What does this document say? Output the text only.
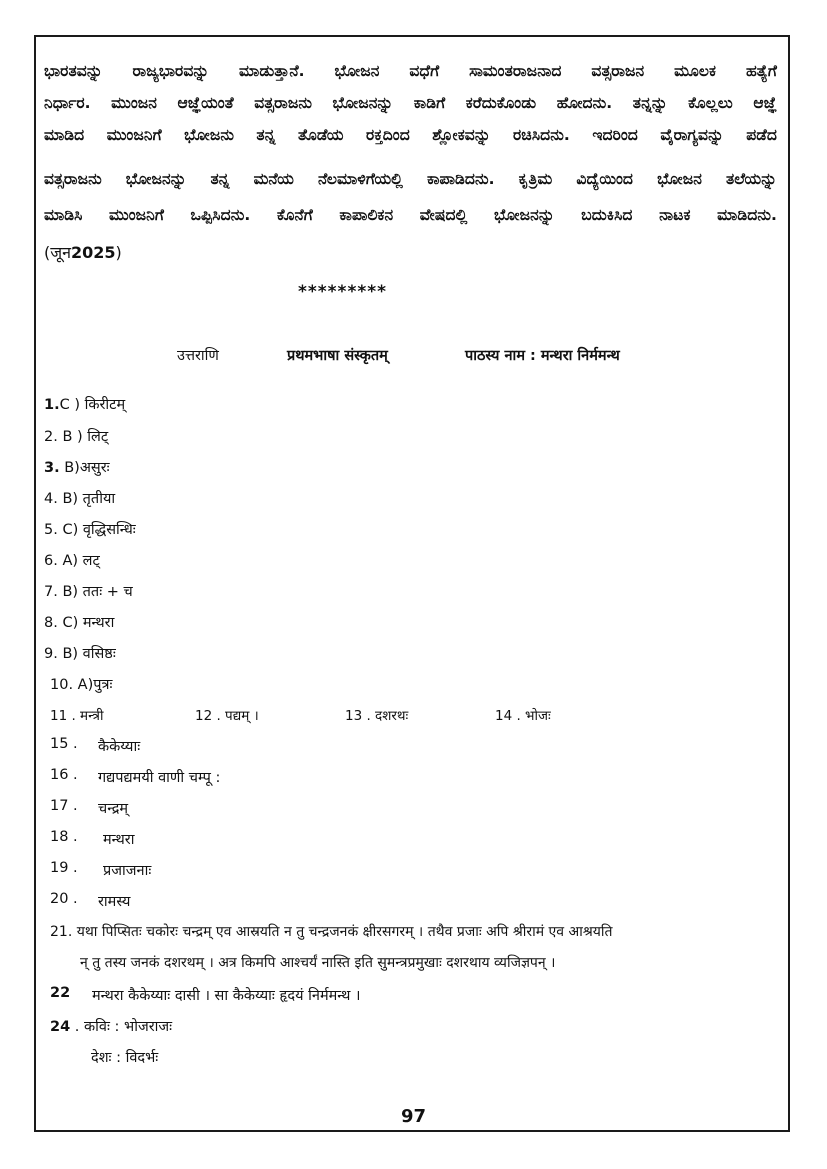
ಭಾರತವನ್ನು ರಾಜ್ಯಭಾರವನ್ನು ಮಾಡುತ್ತಾನೆ. ಭೋಜನ ವಧೆಗೆ ಸಾಮಂತರಾಜನಾದ ವತ್ಸರಾಜನ ಮೂಲಕ ಹತ್ಯೆಗೆ
ನಿರ್ಧಾರ. ಮುಂಜನ ಆಜ್ಞೆಯಂತೆ ವತ್ಸರಾಜನು ಭೋಜನನ್ನು ಕಾಡಿಗೆ ಕರೆದುಕೊಂಡು ಹೋದನು. ತನ್ನನ್ನು ಕೊಲ್ಲಲು ಆಜ್ಞೆ
ಮಾಡಿದ ಮುಂಜನಿಗೆ ಭೋಜನು ತನ್ನ ತೊಡೆಯ ರಕ್ತದಿಂದ ಶ್ಲೋಕವನ್ನು ರಚಿಸಿದನು. ಇದರಿಂದ ವೈರಾಗ್ಯವನ್ನು ಪಡೆದ
ವತ್ಸರಾಜನು ಭೋಜನನ್ನು ತನ್ನ ಮನೆಯ ನೆಲಮಾಳಿಗೆಯಲ್ಲಿ ಕಾಪಾಡಿದನು. ಕೃತ್ರಿಮ ವಿದ್ಯೆಯಿಂದ ಭೋಜನ ತಲೆಯನ್ನು
ಮಾಡಿಸಿ ಮುಂಜನಿಗೆ ಒಪ್ಪಿಸಿದನು. ಕೊನೆಗೆ ಕಾಪಾಲಿಕನ ವೇಷದಲ್ಲಿ ಭೋಜನನ್ನು ಬದುಕಿಸಿದ ನಾಟಕ ಮಾಡಿದನು.
(जून2025)
*********
उत्तराणि	प्रथमभाषा संस्कृतम्	पाठस्य नाम : मन्थरा निर्ममन्थ
1.C ) किरीटम्
2. B ) लिट्
3. B)असुरः
4. B) तृतीया
5. C) वृद्धिसन्धिः
6. A) लट्
7. B) ततः + च
8. C) मन्थरा
9. B) वसिष्ठः
10. A)पुत्रः
11 . मन्त्री	12 . पद्यम् ।	13 . दशरथः	14 . भोजः
15 . कैकेय्याः
16 . गद्यपद्यमयी वाणी चम्पू :
17 . चन्द्रम्
18 . मन्थरा
19 . प्रजाजनाः
20 . रामस्य
21. यथा पिप्सितः चकोरः चन्द्रम् एव आस्रयति न तु चन्द्रजनकं क्षीरसगरम् । तथैव प्रजाः अपि श्रीरामं एव आश्रयति
न् तु तस्य जनकं दशरथम् । अत्र किमपि आश्चर्यं नास्ति इति सुमन्त्रप्रमुखाः दशरथाय व्यजिज्ञपन् ।
22 मन्थरा कैकेय्याः दासी । सा कैकेय्याः हृदयं निर्ममन्थ ।
24 . कविः : भोजराजः
देशः : विदर्भः
97
